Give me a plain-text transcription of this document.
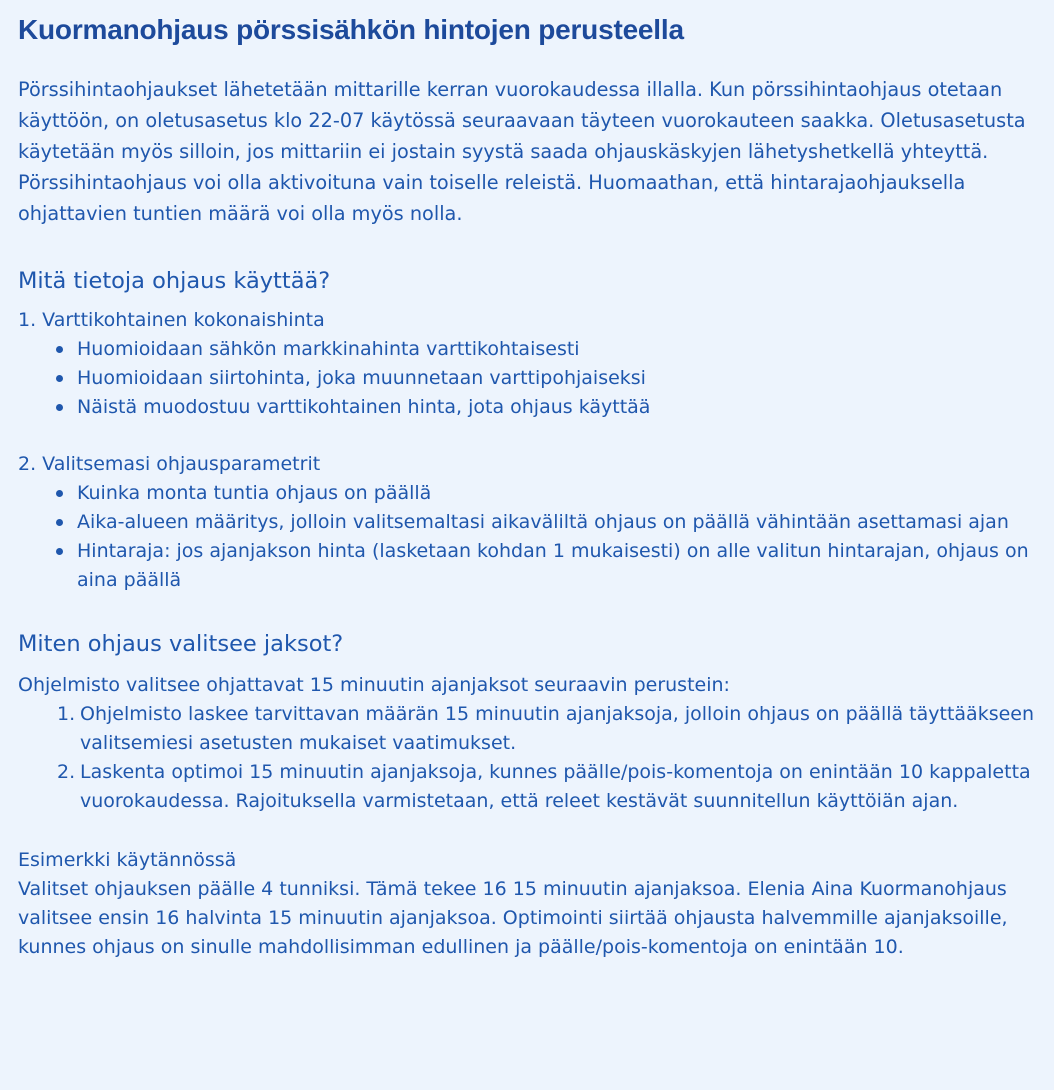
Kuormanohjaus pörssisähkön hintojen perusteella

Pörssihintaohjaukset lähetetään mittarille kerran vuorokaudessa illalla. Kun pörssihintaohjaus otetaan käyttöön, on oletusasetus klo 22-07 käytössä seuraavaan täyteen vuorokauteen saakka. Oletusasetusta käytetään myös silloin, jos mittariin ei jostain syystä saada ohjauskäskyjen lähetyshetkellä yhteyttä. Pörssihintaohjaus voi olla aktivoituna vain toiselle releistä. Huomaathan, että hintarajaohjauksella ohjattavien tuntien määrä voi olla myös nolla.

Mitä tietoja ohjaus käyttää?

1. Varttikohtainen kokonaishinta

Huomioidaan sähkön markkinahinta varttikohtaisesti
Huomioidaan siirtohinta, joka muunnetaan varttipohjaiseksi
Näistä muodostuu varttikohtainen hinta, jota ohjaus käyttää

2. Valitsemasi ohjausparametrit

Kuinka monta tuntia ohjaus on päällä
Aika-alueen määritys, jolloin valitsemaltasi aikaväliltä ohjaus on päällä vähintään asettamasi ajan
Hintaraja: jos ajanjakson hinta (lasketaan kohdan 1 mukaisesti) on alle valitun hintarajan, ohjaus on aina päällä
Miten ohjaus valitsee jaksot?

Ohjelmisto valitsee ohjattavat 15 minuutin ajanjaksot seuraavin perustein:

1. Ohjelmisto laskee tarvittavan määrän 15 minuutin ajanjaksoja, jolloin ohjaus on päällä täyttääkseen valitsemiesi asetusten mukaiset vaatimukset.
2. Laskenta optimoi 15 minuutin ajanjaksoja, kunnes päälle/pois-komentoja on enintään 10 kappaletta vuorokaudessa. Rajoituksella varmistetaan, että releet kestävät suunnitellun käyttöiän ajan.

Esimerkki käytännössä

Valitset ohjauksen päälle 4 tunniksi. Tämä tekee 16 15 minuutin ajanjaksoa. Elenia Aina Kuormanohjaus valitsee ensin 16 halvinta 15 minuutin ajanjaksoa. Optimointi siirtää ohjausta halvemmille ajanjaksoille, kunnes ohjaus on sinulle mahdollisimman edullinen ja päälle/pois-komentoja on enintään 10.
